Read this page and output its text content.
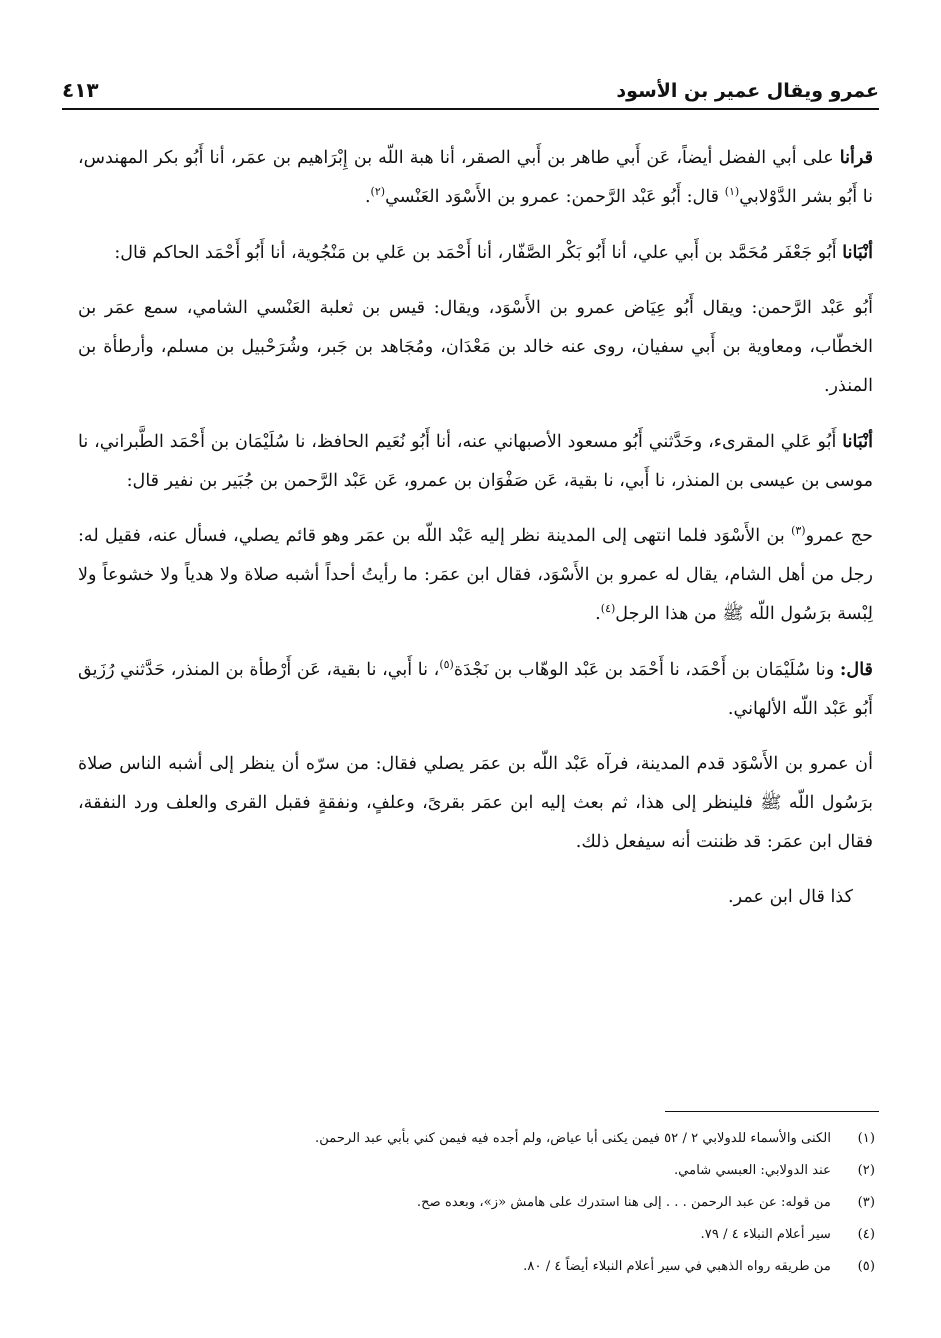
عمرو ويقال عمير بن الأسود
٤١٣

قرأنا على أبي الفضل أيضاً، عَن أَبي طاهر بن أَبي الصقر، أنا هبة اللّه بن إِبْرَاهيم بن عمَر، أنا أَبُو بكر المهندس، نا أَبُو بشر الدَّوْلابي$^{(١)}$ قال: أَبُو عَبْد الرَّحمن: عمرو بن الأَسْوَد العَنْسي$^{(٢)}$.

أنْبَانا أَبُو جَعْفَر مُحَمَّد بن أَبي علي، أنا أَبُو بَكْر الصَّفّار، أنا أَحْمَد بن عَلي بن مَنْجُوية، أنا أَبُو أَحْمَد الحاكم قال:

أَبُو عَبْد الرَّحمن: ويقال أَبُو عِيَاض عمرو بن الأَسْوَد، ويقال: قيس بن ثعلبة العَنْسي الشامي، سمع عمَر بن الخطّاب، ومعاوية بن أَبي سفيان، روى عنه خالد بن مَعْدَان، ومُجَاهد بن جَبر، وشُرَحْبيل بن مسلم، وأرطأة بن المنذر.

أنْبَانا أَبُو عَلي المقرىء، وحَدَّثني أَبُو مسعود الأصبهاني عنه، أنا أَبُو نُعَيم الحافظ، نا سُلَيْمَان بن أَحْمَد الطَّبراني، نا موسى بن عيسى بن المنذر، نا أَبي، نا بقية، عَن صَفْوَان بن عمرو، عَن عَبْد الرَّحمن بن جُبَير بن نفير قال:

حج عمرو$^{(٣)}$ بن الأَسْوَد فلما انتهى إلى المدينة نظر إليه عَبْد اللّه بن عمَر وهو قائم يصلي، فسأل عنه، فقيل له: رجل من أهل الشام، يقال له عمرو بن الأَسْوَد، فقال ابن عمَر: ما رأيتُ أحداً أشبه صلاة ولا هدياً ولا خشوعاً ولا لِبْسة برَسُول اللّه ﷺ من هذا الرجل$^{(٤)}$.

قال: ونا سُلَيْمَان بن أَحْمَد، نا أَحْمَد بن عَبْد الوهّاب بن نَجْدَة$^{(٥)}$، نا أَبي، نا بقية، عَن أَرْطأة بن المنذر، حَدَّثني رُزَيق أَبُو عَبْد اللّه الألهاني.

أن عمرو بن الأَسْوَد قدم المدينة، فرآه عَبْد اللّه بن عمَر يصلي فقال: من سرّه أن ينظر إلى أشبه الناس صلاة برَسُول اللّه ﷺ فلينظر إلى هذا، ثم بعث إليه ابن عمَر بقرىً، وعلفٍ، ونفقةٍ فقبل القرى والعلف ورد النفقة، فقال ابن عمَر: قد ظننت أنه سيفعل ذلك.

كذا قال ابن عمر.

(١)
الكنى والأسماء للدولابي ٢ / ٥٢ فيمن يكنى أبا عياض، ولم أجده فيه فيمن كني بأبي عبد الرحمن.
(٢)
عند الدولابي: العبسي شامي.
(٣)
من قوله: عن عبد الرحمن . . . إلى هنا استدرك على هامش «ز»، وبعده صح.
(٤)
سير أعلام النبلاء ٤ / ٧٩.
(٥)
من طريقه رواه الذهبي في سير أعلام النبلاء أيضاً ٤ / ٨٠.
